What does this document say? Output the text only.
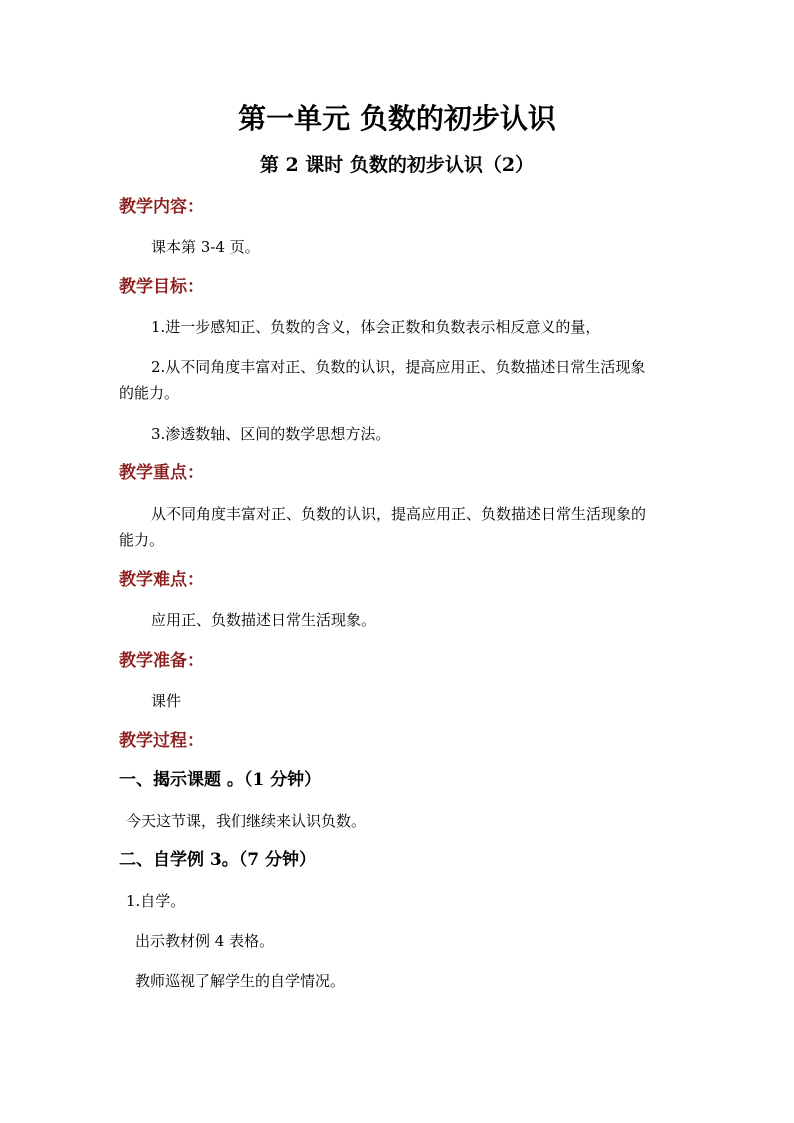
第一单元 负数的初步认识
第 2 课时 负数的初步认识（2）

教学内容：

课本第 3-4 页。

教学目标：

1.进一步感知正、负数的含义，体会正数和负数表示相反意义的量，

2.从不同角度丰富对正、负数的认识，提高应用正、负数描述日常生活现象

的能力。

3.渗透数轴、区间的数学思想方法。

教学重点：

从不同角度丰富对正、负数的认识，提高应用正、负数描述日常生活现象的

能力。

教学难点：

应用正、负数描述日常生活现象。

教学准备：

课件

教学过程：

一、揭示课题 。（1 分钟）

今天这节课，我们继续来认识负数。

二、自学例 3。（7 分钟）

1.自学。

出示教材例 4 表格。

教师巡视了解学生的自学情况。
